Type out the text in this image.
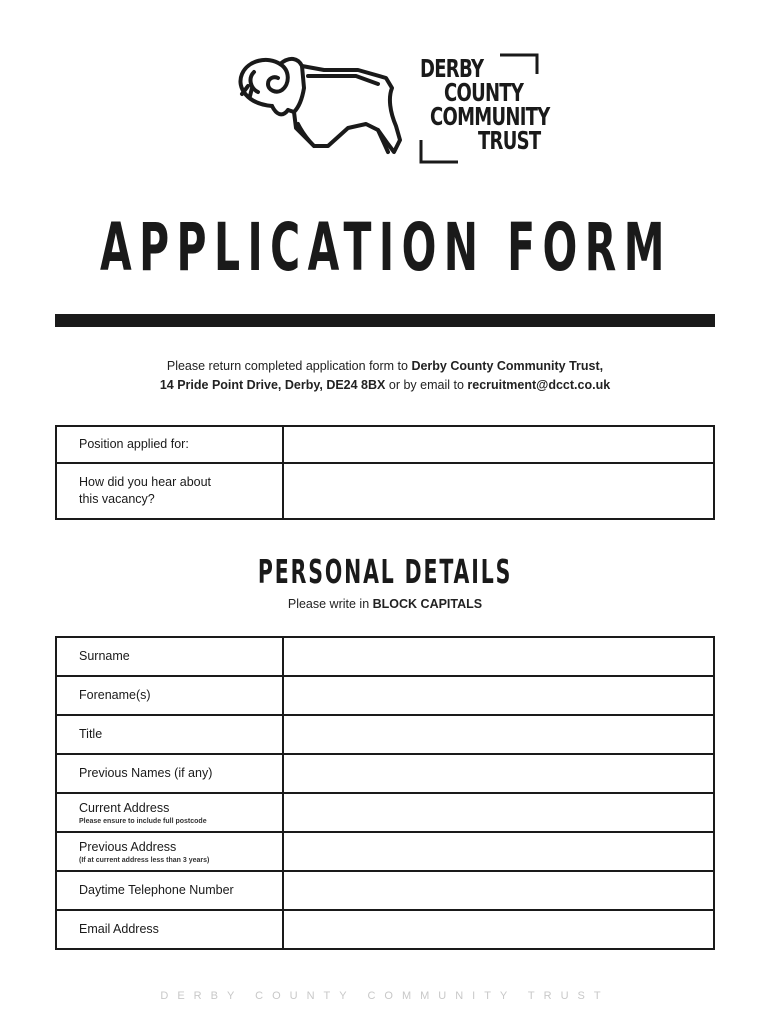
DERBY
COUNTY
COMMUNITY
TRUST
APPLICATION FORM
Please return completed application form to Derby County Community Trust,
14 Pride Point Drive, Derby, DE24 8BX or by email to recruitment@dcct.co.uk
Position applied for:	
How did you hear about
this vacancy?	
PERSONAL DETAILS
Please write in BLOCK CAPITALS
Surname	
Forename(s)	
Title	
Previous Names (if any)	
Current Address
Please ensure to include full postcode	

Previous Address
(If at current address less than 3 years)	

Daytime Telephone Number	
Email Address	
DERBY COUNTY COMMUNITY TRUST
